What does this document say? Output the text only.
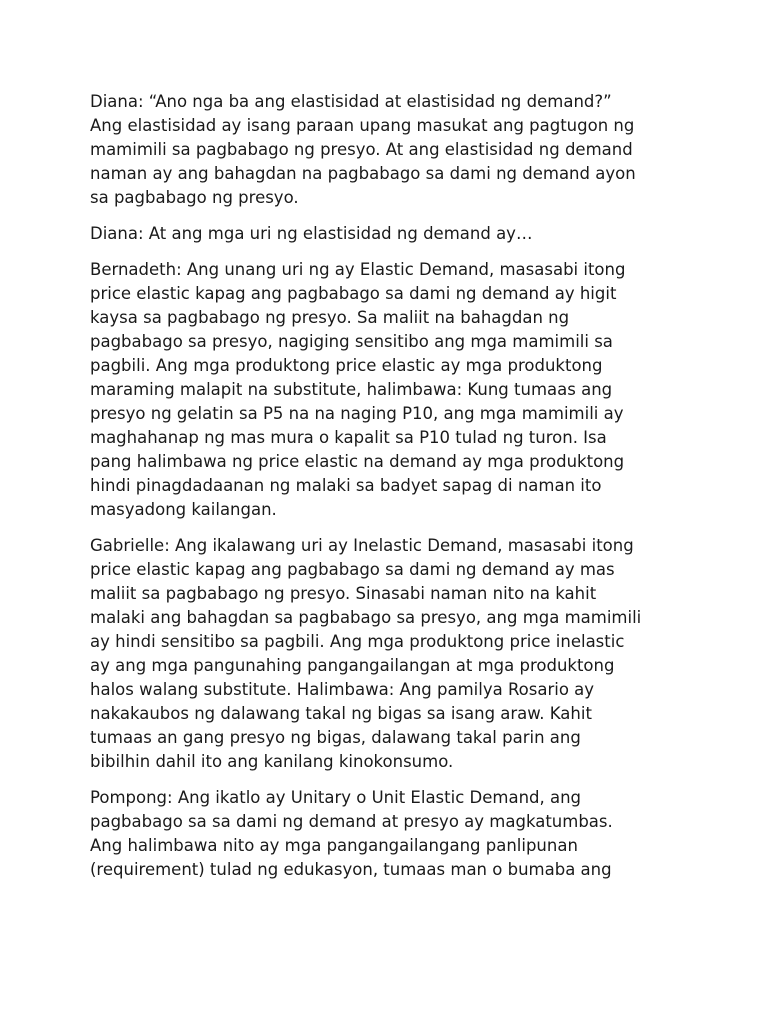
Diana: “Ano nga ba ang elastisidad at elastisidad ng demand?”
Ang elastisidad ay isang paraan upang masukat ang pagtugon ng
mamimili sa pagbabago ng presyo. At ang elastisidad ng demand
naman ay ang bahagdan na pagbabago sa dami ng demand ayon
sa pagbabago ng presyo.

Diana: At ang mga uri ng elastisidad ng demand ay…

Bernadeth: Ang unang uri ng ay Elastic Demand, masasabi itong
price elastic kapag ang pagbabago sa dami ng demand ay higit
kaysa sa pagbabago ng presyo. Sa maliit na bahagdan ng
pagbabago sa presyo, nagiging sensitibo ang mga mamimili sa
pagbili. Ang mga produktong price elastic ay mga produktong
maraming malapit na substitute, halimbawa: Kung tumaas ang
presyo ng gelatin sa P5 na na naging P10, ang mga mamimili ay
maghahanap ng mas mura o kapalit sa P10 tulad ng turon. Isa
pang halimbawa ng price elastic na demand ay mga produktong
hindi pinagdadaanan ng malaki sa badyet sapag di naman ito
masyadong kailangan.

Gabrielle: Ang ikalawang uri ay Inelastic Demand, masasabi itong
price elastic kapag ang pagbabago sa dami ng demand ay mas
maliit sa pagbabago ng presyo. Sinasabi naman nito na kahit
malaki ang bahagdan sa pagbabago sa presyo, ang mga mamimili
ay hindi sensitibo sa pagbili. Ang mga produktong price inelastic
ay ang mga pangunahing pangangailangan at mga produktong
halos walang substitute. Halimbawa: Ang pamilya Rosario ay
nakakaubos ng dalawang takal ng bigas sa isang araw. Kahit
tumaas an gang presyo ng bigas, dalawang takal parin ang
bibilhin dahil ito ang kanilang kinokonsumo.

Pompong: Ang ikatlo ay Unitary o Unit Elastic Demand, ang
pagbabago sa sa dami ng demand at presyo ay magkatumbas.
Ang halimbawa nito ay mga pangangailangang panlipunan
(requirement) tulad ng edukasyon, tumaas man o bumaba ang
